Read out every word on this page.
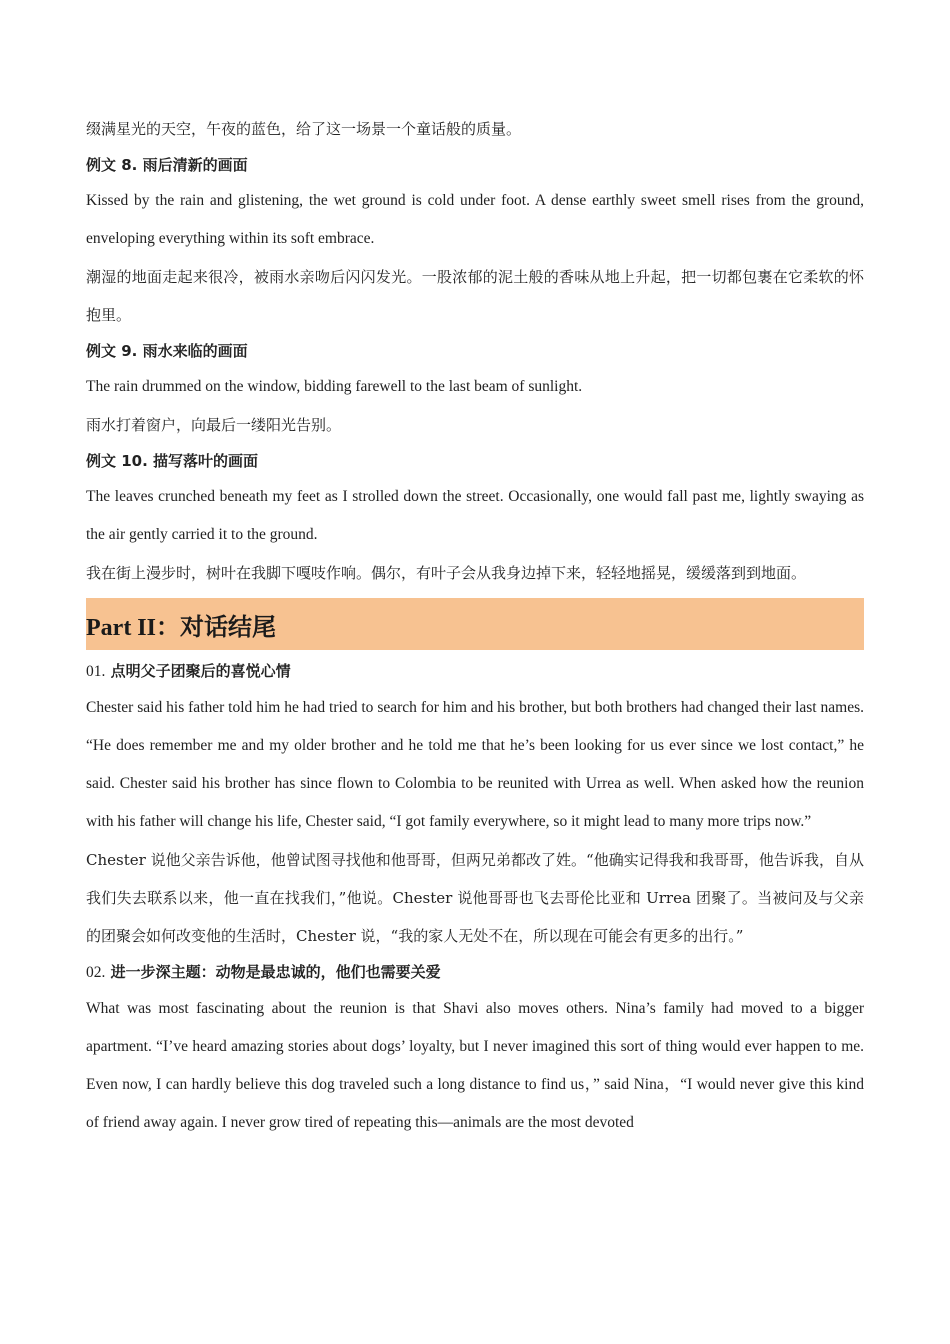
缀满星光的天空，午夜的蓝色，给了这一场景一个童话般的质量。

例文 8. 雨后清新的画面

Kissed by the rain and glistening, the wet ground is cold under foot. A dense earthly sweet smell rises from the ground, enveloping everything within its soft embrace.

潮湿的地面走起来很冷，被雨水亲吻后闪闪发光。一股浓郁的泥土般的香味从地上升起，把一切都包裹在它柔软的怀抱里。

例文 9. 雨水来临的画面

The rain drummed on the window, bidding farewell to the last beam of sunlight.

雨水打着窗户，向最后一缕阳光告别。

例文 10. 描写落叶的画面

The leaves crunched beneath my feet as I strolled down the street. Occasionally, one would fall past me, lightly swaying as the air gently carried it to the ground.

我在街上漫步时，树叶在我脚下嘎吱作响。偶尔，有叶子会从我身边掉下来，轻轻地摇晃，缓缓落到到地面。

Part II：对话结尾

01. 点明父子团聚后的喜悦心情

Chester said his father told him he had tried to search for him and his brother, but both brothers had changed their last names. “He does remember me and my older brother and he told me that he’s been looking for us ever since we lost contact,” he said. Chester said his brother has since flown to Colombia to be reunited with Urrea as well. When asked how the reunion with his father will change his life, Chester said, “I got family everywhere, so it might lead to many more trips now.”

Chester 说他父亲告诉他，他曾试图寻找他和他哥哥，但两兄弟都改了姓。“他确实记得我和我哥哥，他告诉我，自从我们失去联系以来，他一直在找我们，”他说。Chester 说他哥哥也飞去哥伦比亚和 Urrea 团聚了。当被问及与父亲的团聚会如何改变他的生活时，Chester 说，“我的家人无处不在，所以现在可能会有更多的出行。”

02. 进一步深主题：动物是最忠诚的，他们也需要关爱

What was most fascinating about the reunion is that Shavi also moves others. Nina’s family had moved to a bigger apartment. “I’ve heard amazing stories about dogs’ loyalty, but I never imagined this sort of thing would ever happen to me. Even now, I can hardly believe this dog traveled such a long distance to find us，” said Nina，“I would never give this kind of friend away again. I never grow tired of repeating this—animals are the most devoted
